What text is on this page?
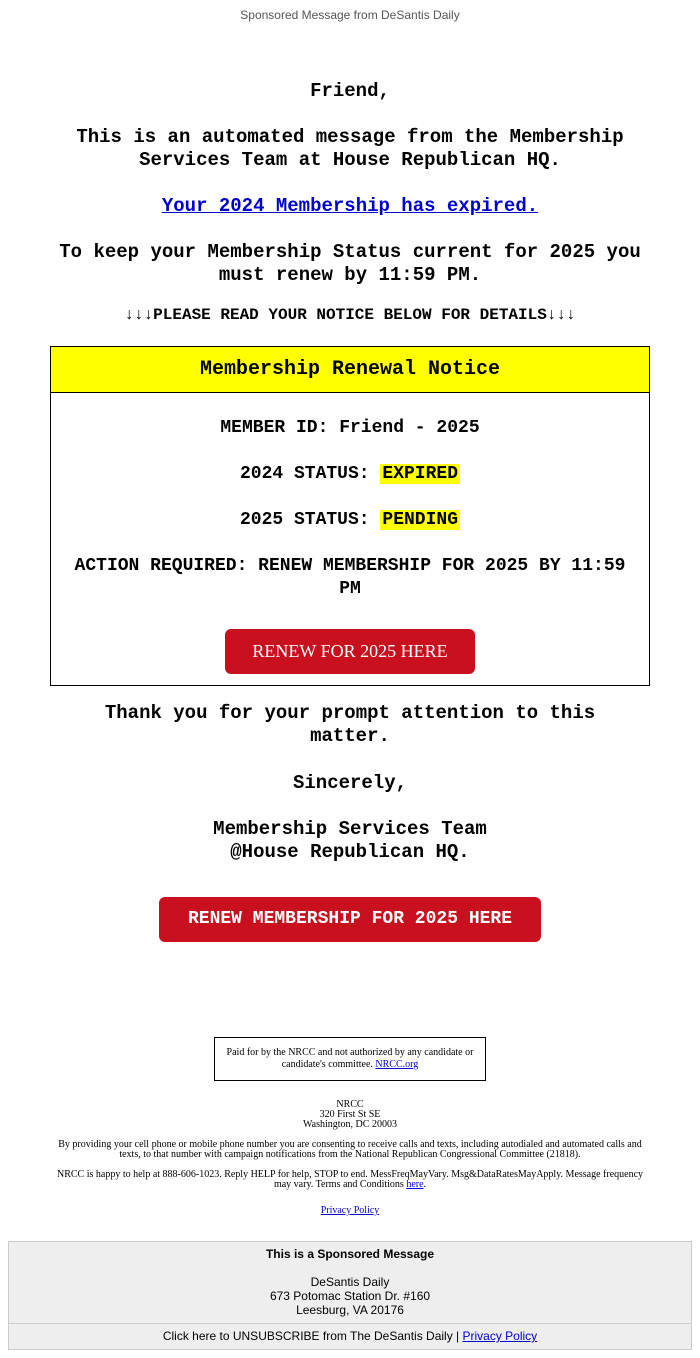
Sponsored Message from DeSantis Daily
Friend,
This is an automated message from the Membership Services Team at House Republican HQ.
Your 2024 Membership has expired.
To keep your Membership Status current for 2025 you must renew by 11:59 PM.
↓↓↓PLEASE READ YOUR NOTICE BELOW FOR DETAILS↓↓↓
Membership Renewal Notice
MEMBER ID: Friend - 2025
2024 STATUS: EXPIRED
2025 STATUS: PENDING
ACTION REQUIRED: RENEW MEMBERSHIP FOR 2025 BY 11:59 PM
RENEW FOR 2025 HERE
Thank you for your prompt attention to this matter.
Sincerely,
Membership Services Team
@House Republican HQ.
RENEW MEMBERSHIP FOR 2025 HERE
Paid for by the NRCC and not authorized by any candidate or candidate's committee. NRCC.org
NRCC
320 First St SE
Washington, DC 20003
By providing your cell phone or mobile phone number you are consenting to receive calls and texts, including autodialed and automated calls and texts, to that number with campaign notifications from the National Republican Congressional Committee (21818).
NRCC is happy to help at 888-606-1023. Reply HELP for help, STOP to end. MessFreqMayVary. Msg&DataRatesMayApply. Message frequency may vary. Terms and Conditions here.
Privacy Policy
This is a Sponsored Message
DeSantis Daily
673 Potomac Station Dr. #160
Leesburg, VA 20176
Click here to UNSUBSCRIBE from The DeSantis Daily | Privacy Policy
